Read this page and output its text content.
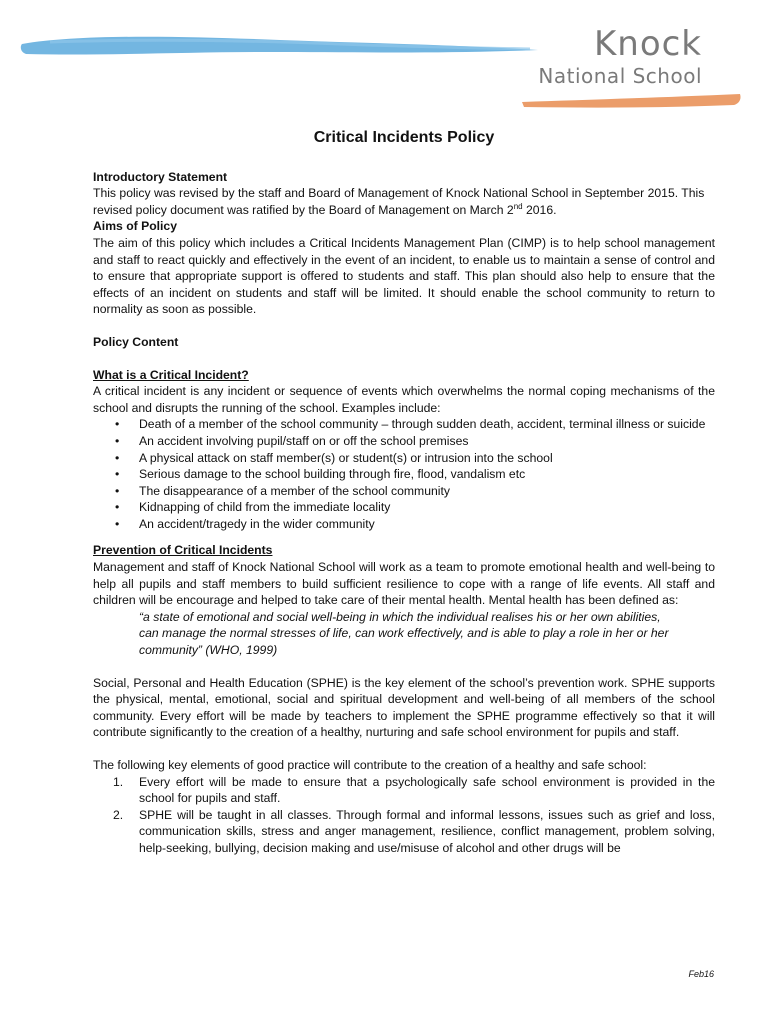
Knock
National School
Critical Incidents Policy

Introductory Statement

This policy was revised by the staff and Board of Management of Knock National School in September 2015. This revised policy document was ratified by the Board of Management on March 2nd 2016.

Aims of Policy

The aim of this policy which includes a Critical Incidents Management Plan (CIMP) is to help school management and staff to react quickly and effectively in the event of an incident, to enable us to maintain a sense of control and to ensure that appropriate support is offered to students and staff. This plan should also help to ensure that the effects of an incident on students and staff will be limited. It should enable the school community to return to normality as soon as possible.

Policy Content

What is a Critical Incident?

A critical incident is any incident or sequence of events which overwhelms the normal coping mechanisms of the school and disrupts the running of the school. Examples include:

• Death of a member of the school community – through sudden death, accident, terminal illness or suicide
• An accident involving pupil/staff on or off the school premises
• A physical attack on staff member(s) or student(s) or intrusion into the school
• Serious damage to the school building through fire, flood, vandalism etc
• The disappearance of a member of the school community
• Kidnapping of child from the immediate locality
• An accident/tragedy in the wider community

Prevention of Critical Incidents

Management and staff of Knock National School will work as a team to promote emotional health and well-being to help all pupils and staff members to build sufficient resilience to cope with a range of life events. All staff and children will be encourage and helped to take care of their mental health. Mental health has been defined as:

“a state of emotional and social well-being in which the individual realises his or her own abilities, can manage the normal stresses of life, can work effectively, and is able to play a role in her or her community” (WHO, 1999)

Social, Personal and Health Education (SPHE) is the key element of the school’s prevention work. SPHE supports the physical, mental, emotional, social and spiritual development and well-being of all members of the school community. Every effort will be made by teachers to implement the SPHE programme effectively so that it will contribute significantly to the creation of a healthy, nurturing and safe school environment for pupils and staff.

The following key elements of good practice will contribute to the creation of a healthy and safe school:

1. Every effort will be made to ensure that a psychologically safe school environment is provided in the school for pupils and staff.
2. SPHE will be taught in all classes. Through formal and informal lessons, issues such as grief and loss, communication skills, stress and anger management, resilience, conflict management, problem solving, help-seeking, bullying, decision making and use/misuse of alcohol and other drugs will be
Feb16
